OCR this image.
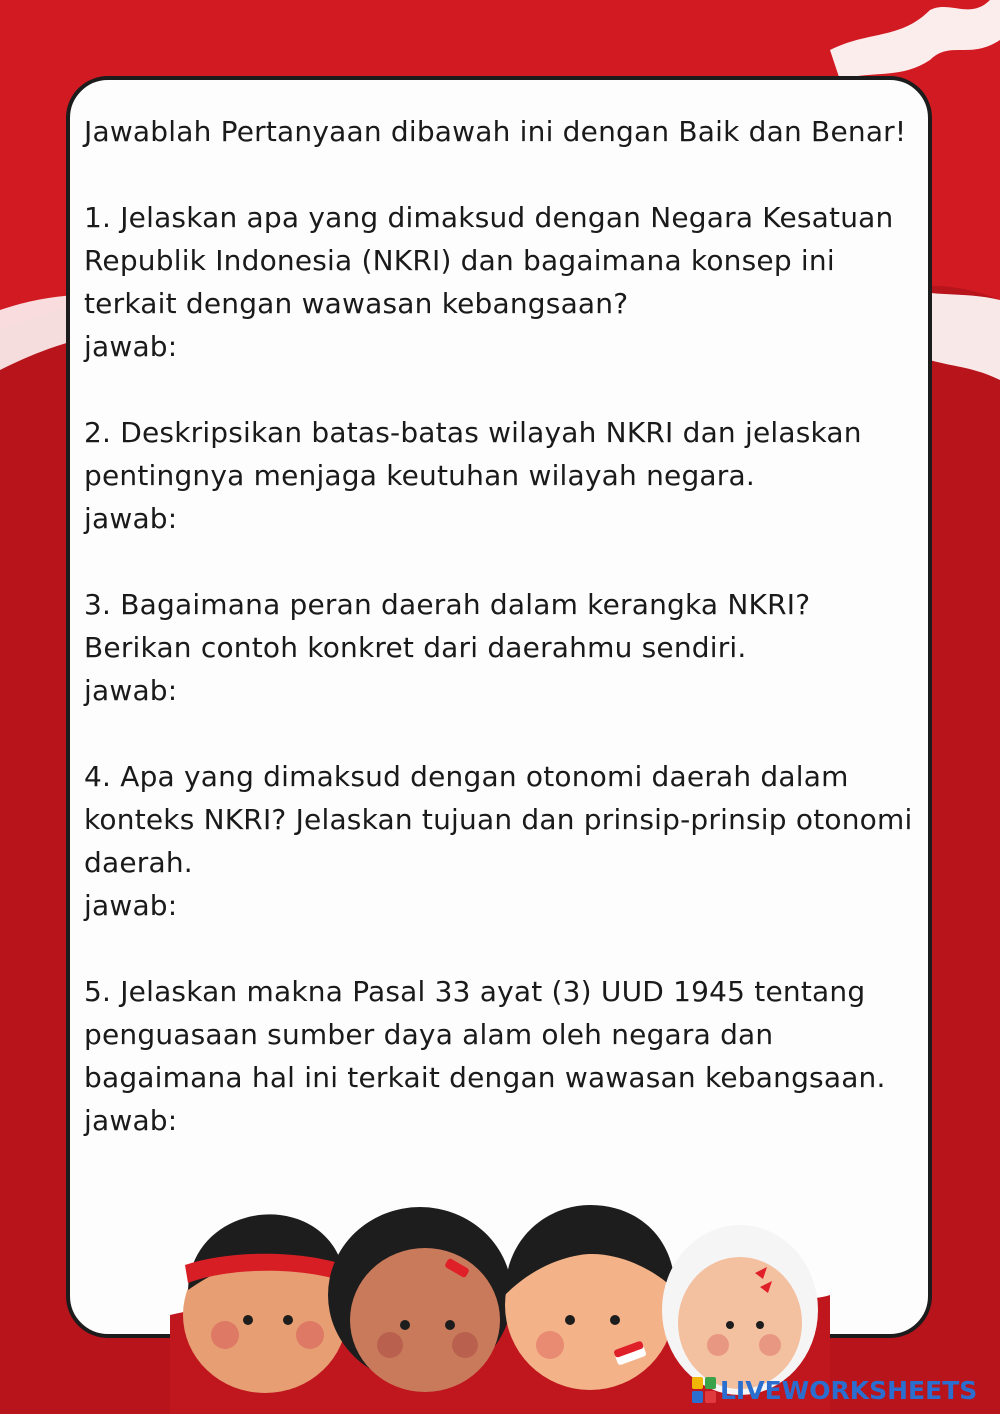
Jawablah Pertanyaan dibawah ini dengan Baik dan Benar!

1. Jelaskan apa yang dimaksud dengan Negara Kesatuan Republik Indonesia (NKRI) dan bagaimana konsep ini terkait dengan wawasan kebangsaan?

jawab:

2. Deskripsikan batas-batas wilayah NKRI dan jelaskan pentingnya menjaga keutuhan wilayah negara.

jawab:

3. Bagaimana peran daerah dalam kerangka NKRI? Berikan contoh konkret dari daerahmu sendiri.

jawab:

4. Apa yang dimaksud dengan otonomi daerah dalam konteks NKRI? Jelaskan tujuan dan prinsip-prinsip otonomi daerah.

jawab:

5. Jelaskan makna Pasal 33 ayat (3) UUD 1945 tentang penguasaan sumber daya alam oleh negara dan bagaimana hal ini terkait dengan wawasan kebangsaan.

jawab:

LIVEWORKSHEETS
